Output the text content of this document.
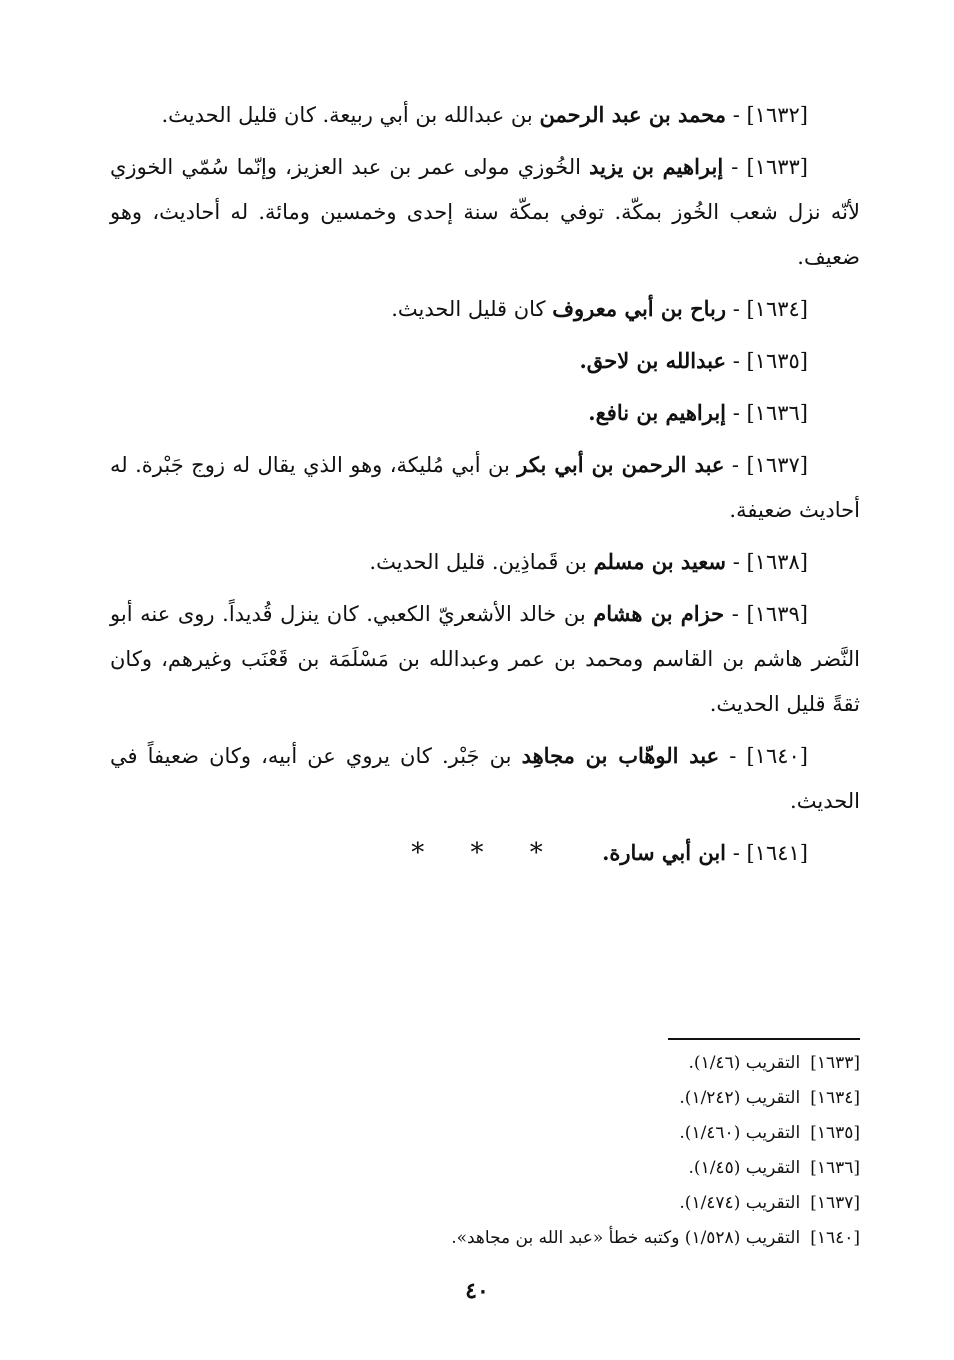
[١٦٣٢] - محمد بن عبد الرحمن بن عبدالله بن أبي ربيعة. كان قليل الحديث.

[١٦٣٣] - إبراهيم بن يزيد الخُوزي مولى عمر بن عبد العزيز، وإنّما سُمّي الخوزي لأنّه نزل شعب الخُوز بمكّة. توفي بمكّة سنة إحدى وخمسين ومائة. له أحاديث، وهو ضعيف.

[١٦٣٤] - رباح بن أبي معروف كان قليل الحديث.

[١٦٣٥] - عبدالله بن لاحق.

[١٦٣٦] - إبراهيم بن نافع.

[١٦٣٧] - عبد الرحمن بن أبي بكر بن أبي مُليكة، وهو الذي يقال له زوج جَبْرة. له أحاديث ضعيفة.

[١٦٣٨] - سعيد بن مسلم بن قَماذِين. قليل الحديث.

[١٦٣٩] - حزام بن هشام بن خالد الأشعريّ الكعبي. كان ينزل قُديداً. روى عنه أبو النَّضر هاشم بن القاسم ومحمد بن عمر وعبدالله بن مَسْلَمَة بن قَعْنَب وغيرهم، وكان ثقةً قليل الحديث.

[١٦٤٠] - عبد الوهّاب بن مجاهِد بن جَبْر. كان يروي عن أبيه، وكان ضعيفاً في الحديث.

[١٦٤١] - ابن أبي سارة.

* * *
[١٦٣٣]التقريب (١/٤٦).
[١٦٣٤]التقريب (١/٢٤٢).
[١٦٣٥]التقريب (١/٤٦٠).
[١٦٣٦]التقريب (١/٤٥).
[١٦٣٧]التقريب (١/٤٧٤).
[١٦٤٠]التقريب (١/٥٢٨) وكتبه خطأ «عبد الله بن مجاهد».
٤٠
